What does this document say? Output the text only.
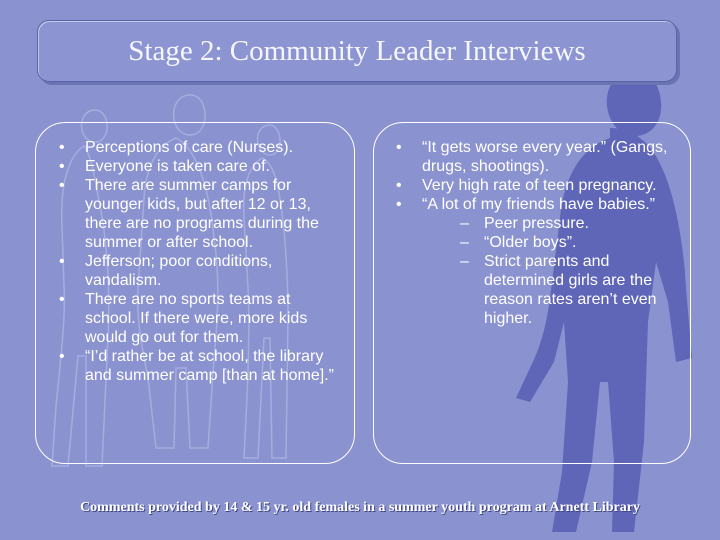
Stage 2: Community Leader Interviews
•	Perceptions of care (Nurses).
•	Everyone is taken care of.
•	There are summer camps for younger kids, but after 12 or 13, there are no programs during the summer or after school.
•	Jefferson; poor conditions, vandalism.
•	There are no sports teams at school. If there were, more kids would go out for them.
•	“I’d rather be at school, the library and summer camp [than at home].”
•	“It gets worse every year.” (Gangs, drugs, shootings).
•	Very high rate of teen pregnancy.
•	“A lot of my friends have babies.”
– Peer pressure.
– “Older boys”.
– Strict parents and determined girls are the reason rates aren’t even higher.
Comments provided by 14 & 15 yr. old females in a summer youth program at Arnett Library
